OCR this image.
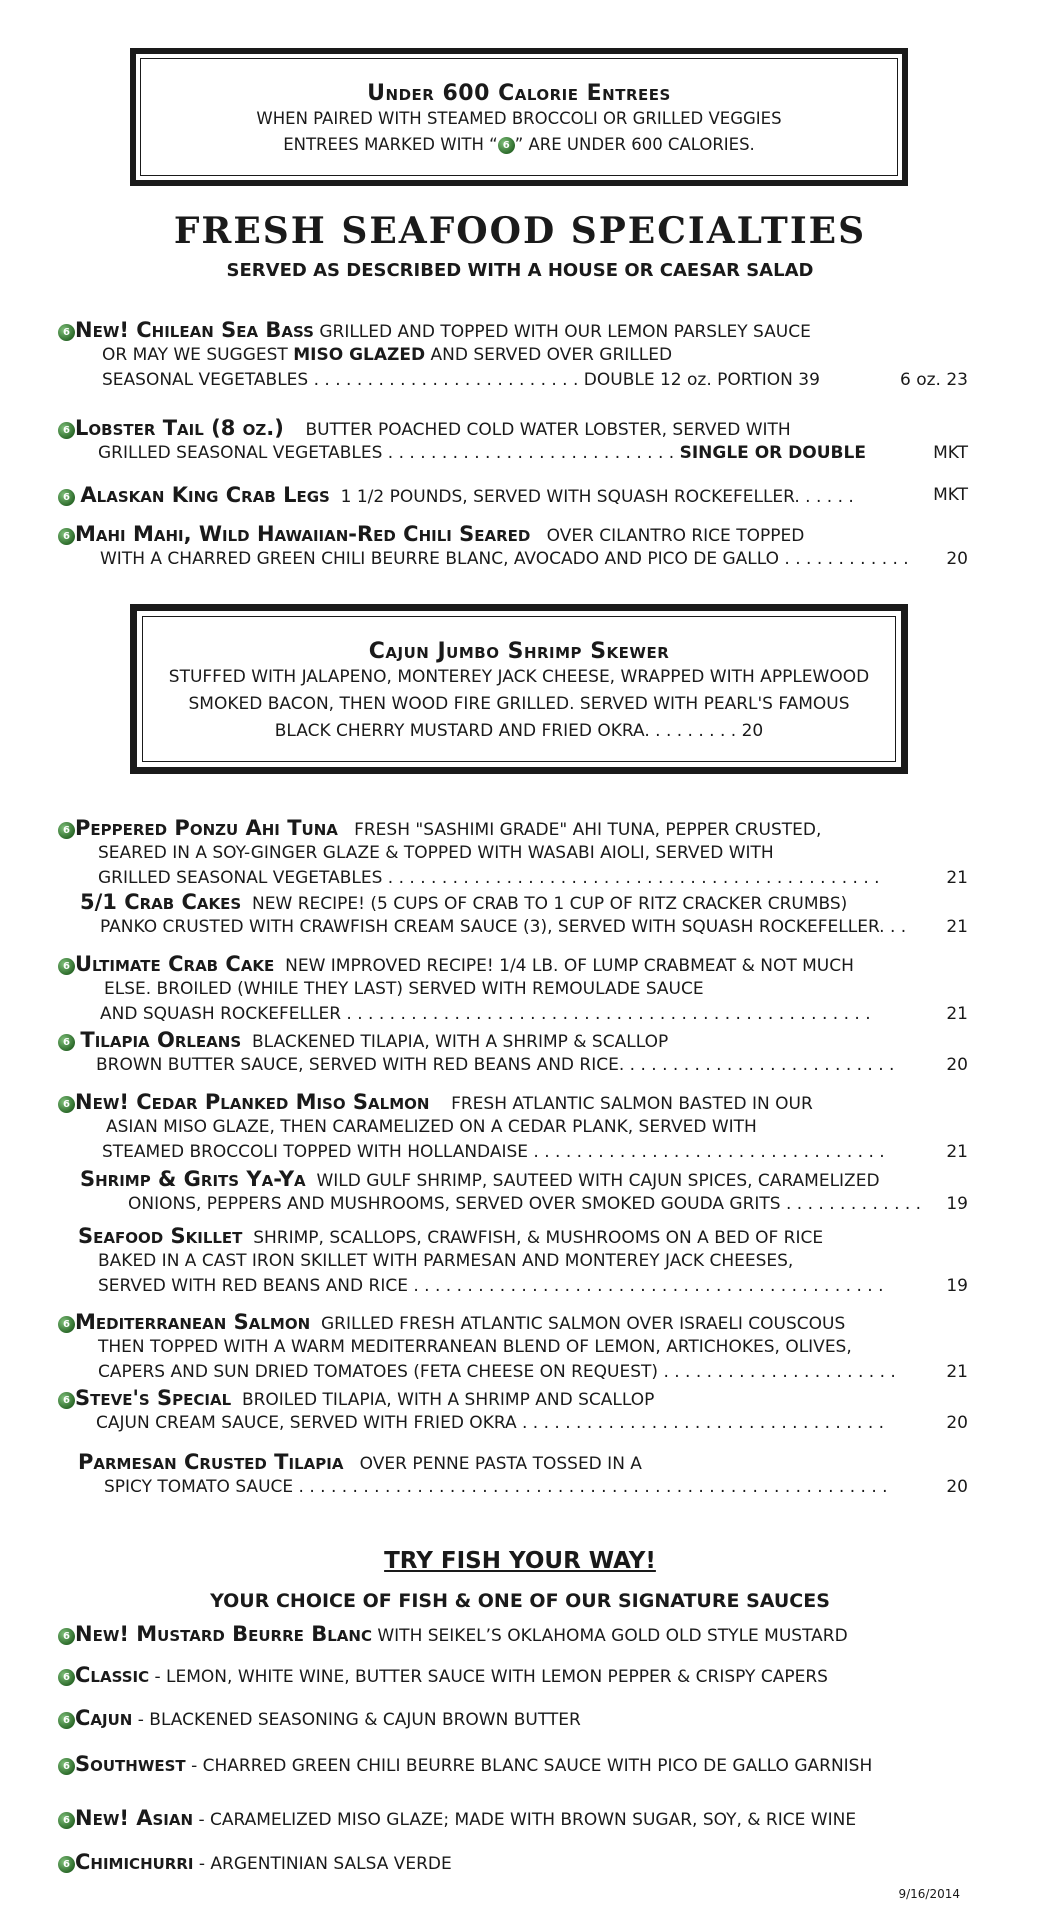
Under 600 Calorie Entrees
WHEN PAIRED WITH STEAMED BROCCOLI OR GRILLED VEGGIES
ENTREES MARKED WITH “ 6 ” ARE UNDER 600 CALORIES.
FRESH SEAFOOD SPECIALTIES
SERVED AS DESCRIBED WITH A HOUSE OR CAESAR SALAD
6 New! Chilean Sea Bass GRILLED AND TOPPED WITH OUR LEMON PARSLEY SAUCE
OR MAY WE SUGGEST MISO GLAZED AND SERVED OVER GRILLED
SEASONAL VEGETABLES . . . . . . . . . . . . . . . . . . . . . . . . . DOUBLE 12 oz. PORTION 39	6 oz. 23
6 Lobster Tail (8 oz.) BUTTER POACHED COLD WATER LOBSTER, SERVED WITH
GRILLED SEASONAL VEGETABLES . . . . . . . . . . . . . . . . . . . . . . . . . . . SINGLE OR DOUBLE	MKT
6 Alaskan King Crab Legs 1 1/2 POUNDS, SERVED WITH SQUASH ROCKEFELLER. . . . . .	MKT
6 Mahi Mahi, Wild Hawaiian-Red Chili Seared OVER CILANTRO RICE TOPPED
WITH A CHARRED GREEN CHILI BEURRE BLANC, AVOCADO AND PICO DE GALLO . . . . . . . . . . . . 20
Cajun Jumbo Shrimp Skewer
STUFFED WITH JALAPENO, MONTEREY JACK CHEESE, WRAPPED WITH APPLEWOOD
SMOKED BACON, THEN WOOD FIRE GRILLED. SERVED WITH PEARL'S FAMOUS
BLACK CHERRY MUSTARD AND FRIED OKRA. . . . . . . . . 20
6 Peppered Ponzu Ahi Tuna FRESH "SASHIMI GRADE" AHI TUNA, PEPPER CRUSTED,
SEARED IN A SOY-GINGER GLAZE & TOPPED WITH WASABI AIOLI, SERVED WITH
GRILLED SEASONAL VEGETABLES . . . . . . . . . . . . . . . . . . . . . . . . . . . . . . . . . . . . . . . . . . . . . .	21
5/1 Crab Cakes NEW RECIPE! (5 CUPS OF CRAB TO 1 CUP OF RITZ CRACKER CRUMBS)
PANKO CRUSTED WITH CRAWFISH CREAM SAUCE (3), SERVED WITH SQUASH ROCKEFELLER. . . 21
6 Ultimate Crab Cake NEW IMPROVED RECIPE! 1/4 LB. OF LUMP CRABMEAT & NOT MUCH
ELSE. BROILED (WHILE THEY LAST) SERVED WITH REMOULADE SAUCE
AND SQUASH ROCKEFELLER . . . . . . . . . . . . . . . . . . . . . . . . . . . . . . . . . . . . . . . . . . . . . . . . .	21
6 Tilapia Orleans BLACKENED TILAPIA, WITH A SHRIMP & SCALLOP
BROWN BUTTER SAUCE, SERVED WITH RED BEANS AND RICE. . . . . . . . . . . . . . . . . . . . . . . . . .	20
6 New! Cedar Planked Miso Salmon FRESH ATLANTIC SALMON BASTED IN OUR
ASIAN MISO GLAZE, THEN CARAMELIZED ON A CEDAR PLANK, SERVED WITH
STEAMED BROCCOLI TOPPED WITH HOLLANDAISE . . . . . . . . . . . . . . . . . . . . . . . . . . . . . . . . .	21
Shrimp & Grits Ya-Ya WILD GULF SHRIMP, SAUTEED WITH CAJUN SPICES, CARAMELIZED
ONIONS, PEPPERS AND MUSHROOMS, SERVED OVER SMOKED GOUDA GRITS . . . . . . . . . . . . . 19
Seafood Skillet SHRIMP, SCALLOPS, CRAWFISH, & MUSHROOMS ON A BED OF RICE
BAKED IN A CAST IRON SKILLET WITH PARMESAN AND MONTEREY JACK CHEESES,
SERVED WITH RED BEANS AND RICE . . . . . . . . . . . . . . . . . . . . . . . . . . . . . . . . . . . . . . . . . . . .	19
6 Mediterranean Salmon GRILLED FRESH ATLANTIC SALMON OVER ISRAELI COUSCOUS
THEN TOPPED WITH A WARM MEDITERRANEAN BLEND OF LEMON, ARTICHOKES, OLIVES,
CAPERS AND SUN DRIED TOMATOES (FETA CHEESE ON REQUEST) . . . . . . . . . . . . . . . . . . . . . .	21
6 Steve's Special BROILED TILAPIA, WITH A SHRIMP AND SCALLOP
CAJUN CREAM SAUCE, SERVED WITH FRIED OKRA . . . . . . . . . . . . . . . . . . . . . . . . . . . . . . . . . .	20
Parmesan Crusted Tilapia OVER PENNE PASTA TOSSED IN A
SPICY TOMATO SAUCE . . . . . . . . . . . . . . . . . . . . . . . . . . . . . . . . . . . . . . . . . . . . . . . . . . . . . . .	20
TRY FISH YOUR WAY!
YOUR CHOICE OF FISH & ONE OF OUR SIGNATURE SAUCES
6 New! Mustard Beurre Blanc WITH SEIKEL’S OKLAHOMA GOLD OLD STYLE MUSTARD
6 Classic - LEMON, WHITE WINE, BUTTER SAUCE WITH LEMON PEPPER & CRISPY CAPERS
6 Cajun - BLACKENED SEASONING & CAJUN BROWN BUTTER
6 Southwest - CHARRED GREEN CHILI BEURRE BLANC SAUCE WITH PICO DE GALLO GARNISH
6 New! Asian - CARAMELIZED MISO GLAZE; MADE WITH BROWN SUGAR, SOY, & RICE WINE
6 Chimichurri - ARGENTINIAN SALSA VERDE
9/16/2014
